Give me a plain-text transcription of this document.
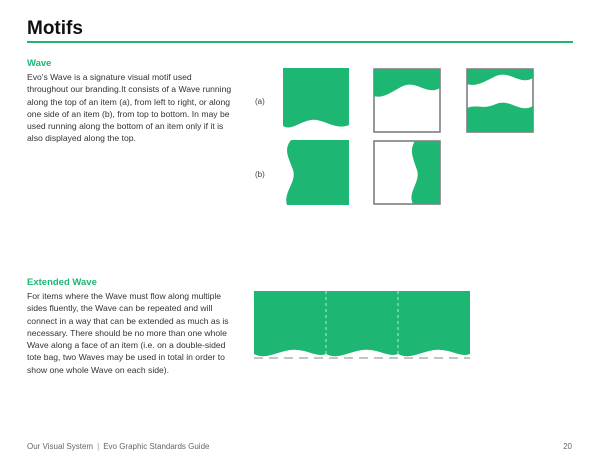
Motifs
Wave

Evo's Wave is a signature visual motif used throughout our branding.It consists of a Wave running along the top of an item (a), from left to right, or along one side of an item (b), from top to bottom. In may be used running along the bottom of an item only if it is also displayed along the top.

(a)
(b)
Extended Wave

For items where the Wave must flow along multiple sides fluently, the Wave can be repeated and will connect in a way that can be extended as much as is necessary. There should be no more than one whole Wave along a face of an item (i.e. on a double-sided tote bag, two Waves may be used in total in order to show one whole Wave on each side).

Our Visual System | Evo Graphic Standards Guide	20
